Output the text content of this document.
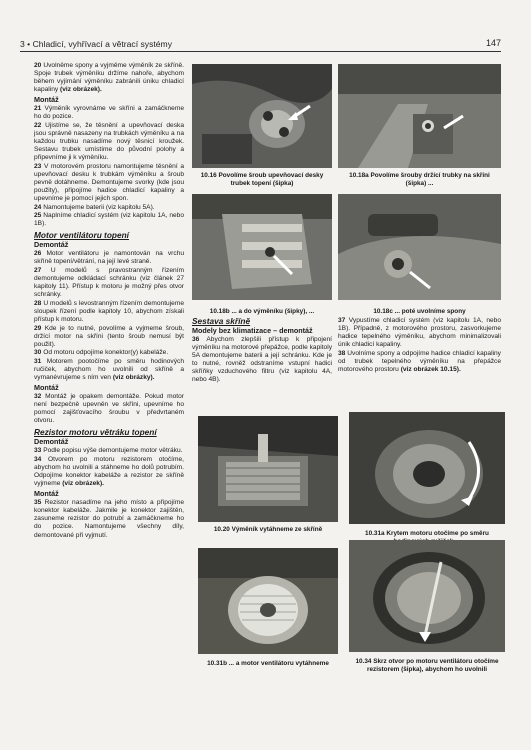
3 • Chladicí, vyhřívací a větrací systémy	147

20 Uvolněme spony a vyjměme výměník ze skříně. Spoje trubek výměníku držíme nahoře, abychom během vyjímání výměníku zabránili úniku chladicí kapaliny (viz obrázek).

Montáž

21 Výměník vyrovnáme ve skříni a zamáčkneme ho do pozice.

22 Ujistíme se, že těsnění a upevňovací deska jsou správně nasazeny na trubkách výměníku a na každou trubku nasadíme nový těsnicí kroužek. Sestavu trubek umístíme do původní polohy a připevníme ji k výměníku.

23 V motorovém prostoru namontujeme těsnění a upevňovací desku k trubkám výměníku a šroub pevně dotáhneme. Demontujeme svorky (kde jsou použity), připojíme hadice chladicí kapaliny a upevníme je pomocí jejich spon.

24 Namontujeme baterii (viz kapitolu 5A).

25 Naplníme chladicí systém (viz kapitolu 1A, nebo 1B).

Motor ventilátoru topení
Demontáž

26 Motor ventilátoru je namontován na vrchu skříně topení/větrání, na její levé straně.

27 U modelů s pravostranným řízením demontujeme odkládací schránku (viz článek 27 kapitoly 11). Přístup k motoru je možný přes otvor schránky.

28 U modelů s levostranným řízením demontujeme sloupek řízení podle kapitoly 10, abychom získali přístup k motoru.

29 Kde je to nutné, povolíme a vyjmeme šroub, držící motor na skříni (tento šroub nemusí být použit).

30 Od motoru odpojíme konektor(y) kabeláže.

31 Motorem pootočíme po směru hodinových ručiček, abychom ho uvolnili od skříně a vymanévrujeme s ním ven (viz obrázky).

Montáž

32 Montáž je opakem demontáže. Pokud motor není bezpečně upevněn ve skříni, upevníme ho pomocí zajišťovacího šroubu v předvrtaném otvoru.

Rezistor motoru větráku topení
Demontáž

33 Podle popisu výše demontujeme motor větráku.

34 Otvorem po motoru rezistorem otočíme, abychom ho uvolnili a stáhneme ho dolů potrubím. Odpojíme konektor kabeláže a rezistor ze skříně vyjmeme (viz obrázek).

Montáž

35 Rezistor nasadíme na jeho místo a připojíme konektor kabeláže. Jakmile je konektor zajištěn, zasuneme rezistor do potrubí a zamáčkneme ho do pozice. Namontujeme všechny díly, demontované při vyjmutí.

10.16 Povolíme šroub upevňovací desky trubek topení (šipka)
10.18a Povolíme šrouby držící trubky na skříni (šipka) ...
10.18b ... a do výměníku (šipky), ...	10.18c ... poté uvolníme spony
Sestava skříně
Modely bez klimatizace – demontáž

36 Abychom zlepšili přístup k připojení výměníku na motorové přepážce, podle kapitoly 5A demontujeme baterii a její schránku. Kde je to nutné, rovněž odstraníme vstupní hadici skříňky vzduchového filtru (viz kapitolu 4A, nebo 4B).

37 Vypustíme chladicí systém (viz kapitolu 1A, nebo 1B). Případně, z motorového prostoru, zasvorkujeme hadice tepelného výměníku, abychom minimalizovali únik chladicí kapaliny.

38 Uvolníme spony a odpojíme hadice chladicí kapaliny od trubek tepelného výměníku na přepážce motorového prostoru (viz obrázek 10.15).

10.20 Výměník vytáhneme ze skříně
10.31a Krytem motoru otočíme po směru
10.31b ... a motor ventilátoru vytáhneme	10.34 Skrz otvor po motoru ventilátoru otočíme rezistorem (šipka), abychom ho uvolnili
